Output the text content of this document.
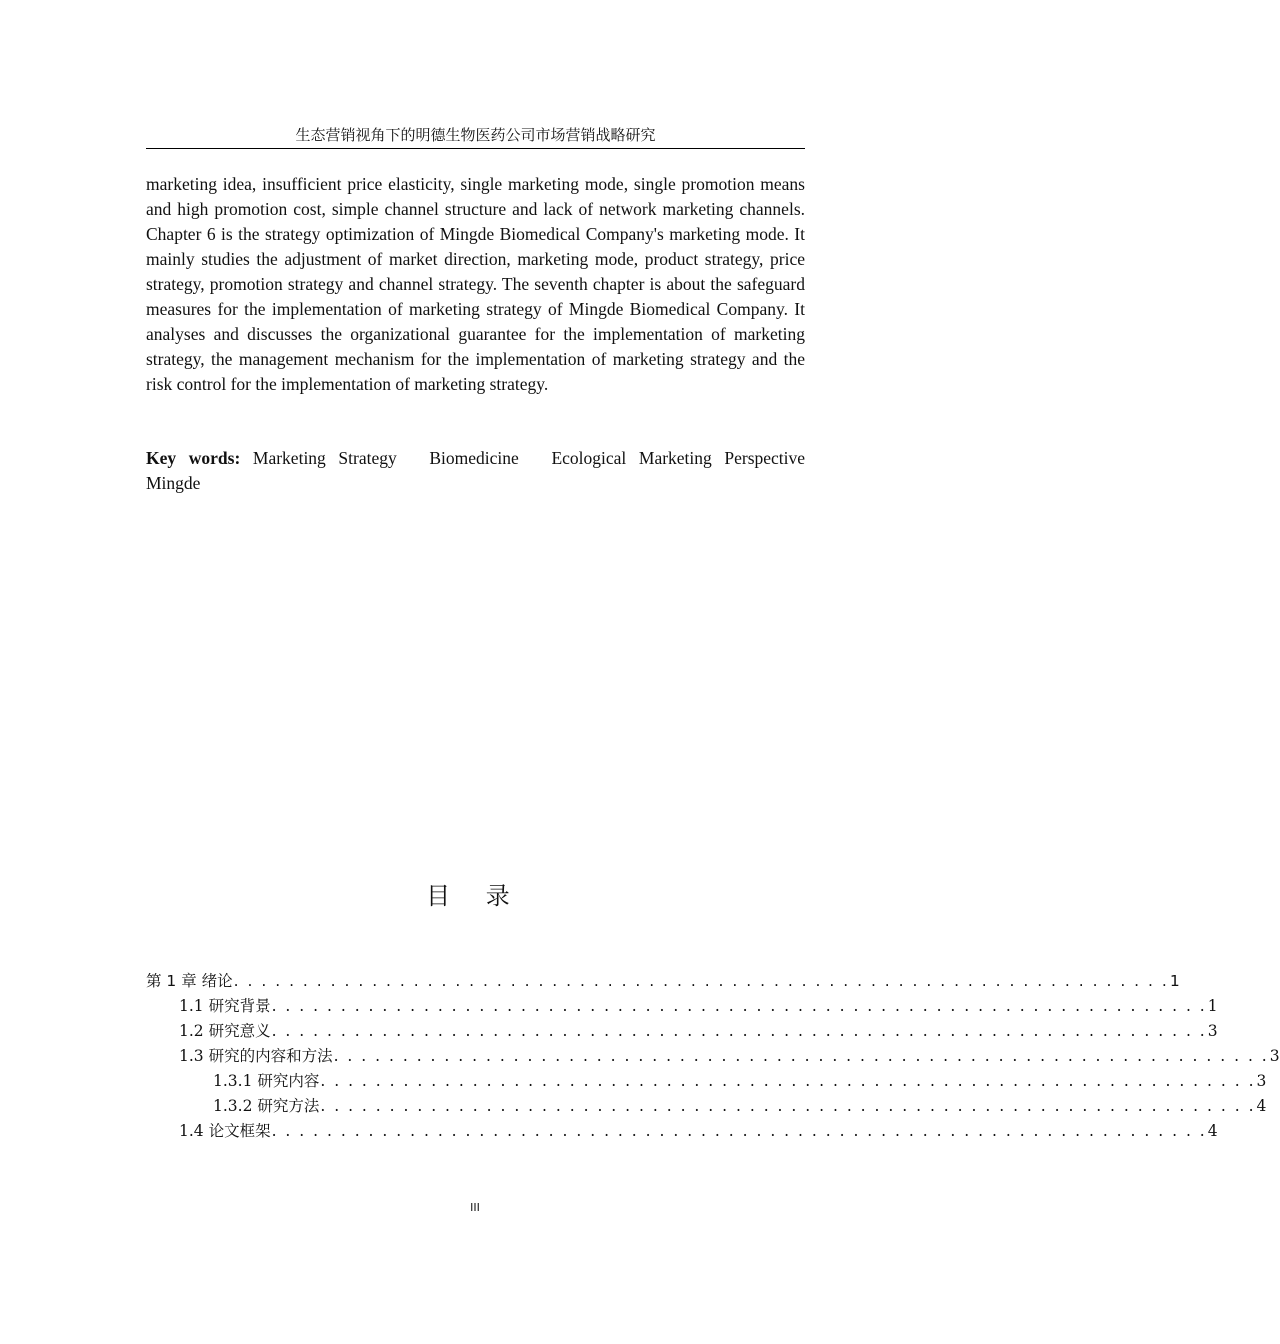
生态营销视角下的明德生物医药公司市场营销战略研究

marketing idea, insufficient price elasticity, single marketing mode, single promotion means and high promotion cost, simple channel structure and lack of network marketing channels. Chapter 6 is the strategy optimization of Mingde Biomedical Company's marketing mode. It mainly studies the adjustment of market direction, marketing mode, product strategy, price strategy, promotion strategy and channel strategy. The seventh chapter is about the safeguard measures for the implementation of marketing strategy of Mingde Biomedical Company. It analyses and discusses the organizational guarantee for the implementation of marketing strategy, the management mechanism for the implementation of marketing strategy and the risk control for the implementation of marketing strategy.

Key words: Marketing Strategy Biomedicine Ecological Marketing Perspective Mingde
目 录
第 1 章 绪论 . . . . . . . . . . . . . . . . . . . . . . . . . . . . . . . . . . . . . . . . . . . . . . . . . . . . . . . . . . . . . . . . . . . . 1
1.1 研究背景 . . . . . . . . . . . . . . . . . . . . . . . . . . . . . . . . . . . . . . . . . . . . . . . . . . . . . . . . . . . . . . . . . . . . 1
1.2 研究意义 . . . . . . . . . . . . . . . . . . . . . . . . . . . . . . . . . . . . . . . . . . . . . . . . . . . . . . . . . . . . . . . . . . . . 3
1.3 研究的内容和方法 . . . . . . . . . . . . . . . . . . . . . . . . . . . . . . . . . . . . . . . . . . . . . . . . . . . . . . . . . . . . . . . . . . . . 3
1.3.1 研究内容 . . . . . . . . . . . . . . . . . . . . . . . . . . . . . . . . . . . . . . . . . . . . . . . . . . . . . . . . . . . . . . . . . . . . 3
1.3.2 研究方法 . . . . . . . . . . . . . . . . . . . . . . . . . . . . . . . . . . . . . . . . . . . . . . . . . . . . . . . . . . . . . . . . . . . . 4
1.4 论文框架 . . . . . . . . . . . . . . . . . . . . . . . . . . . . . . . . . . . . . . . . . . . . . . . . . . . . . . . . . . . . . . . . . . . . 4
III
